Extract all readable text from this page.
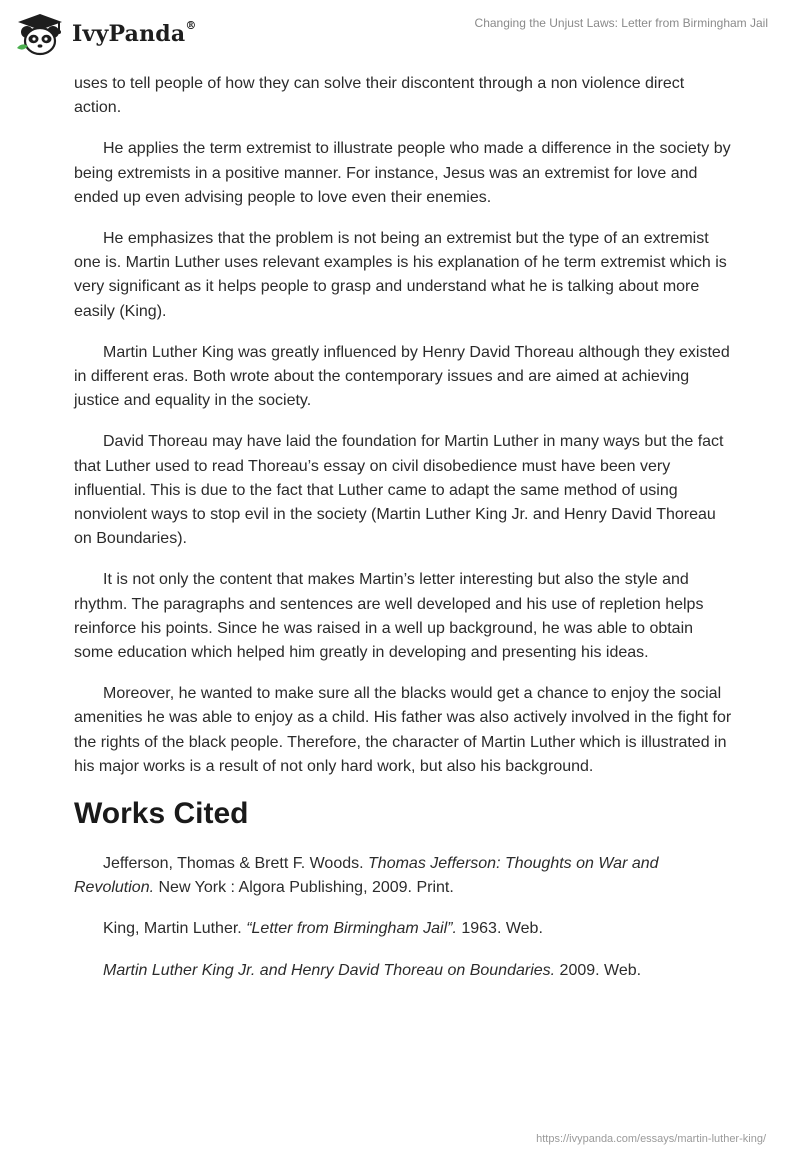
IvyPanda®	Changing the Unjust Laws: Letter from Birmingham Jail

uses to tell people of how they can solve their discontent through a non violence direct action.

He applies the term extremist to illustrate people who made a difference in the society by being extremists in a positive manner. For instance, Jesus was an extremist for love and ended up even advising people to love even their enemies.

He emphasizes that the problem is not being an extremist but the type of an extremist one is. Martin Luther uses relevant examples is his explanation of he term extremist which is very significant as it helps people to grasp and understand what he is talking about more easily (King).

Martin Luther King was greatly influenced by Henry David Thoreau although they existed in different eras. Both wrote about the contemporary issues and are aimed at achieving justice and equality in the society.

David Thoreau may have laid the foundation for Martin Luther in many ways but the fact that Luther used to read Thoreau’s essay on civil disobedience must have been very influential. This is due to the fact that Luther came to adapt the same method of using nonviolent ways to stop evil in the society (Martin Luther King Jr. and Henry David Thoreau on Boundaries).

It is not only the content that makes Martin’s letter interesting but also the style and rhythm. The paragraphs and sentences are well developed and his use of repletion helps reinforce his points. Since he was raised in a well up background, he was able to obtain some education which helped him greatly in developing and presenting his ideas.

Moreover, he wanted to make sure all the blacks would get a chance to enjoy the social amenities he was able to enjoy as a child. His father was also actively involved in the fight for the rights of the black people. Therefore, the character of Martin Luther which is illustrated in his major works is a result of not only hard work, but also his background.

Works Cited

Jefferson, Thomas & Brett F. Woods. Thomas Jefferson: Thoughts on War and Revolution. New York : Algora Publishing, 2009. Print.

King, Martin Luther. “Letter from Birmingham Jail”. 1963. Web.

Martin Luther King Jr. and Henry David Thoreau on Boundaries. 2009. Web.

https://ivypanda.com/essays/martin-luther-king/
